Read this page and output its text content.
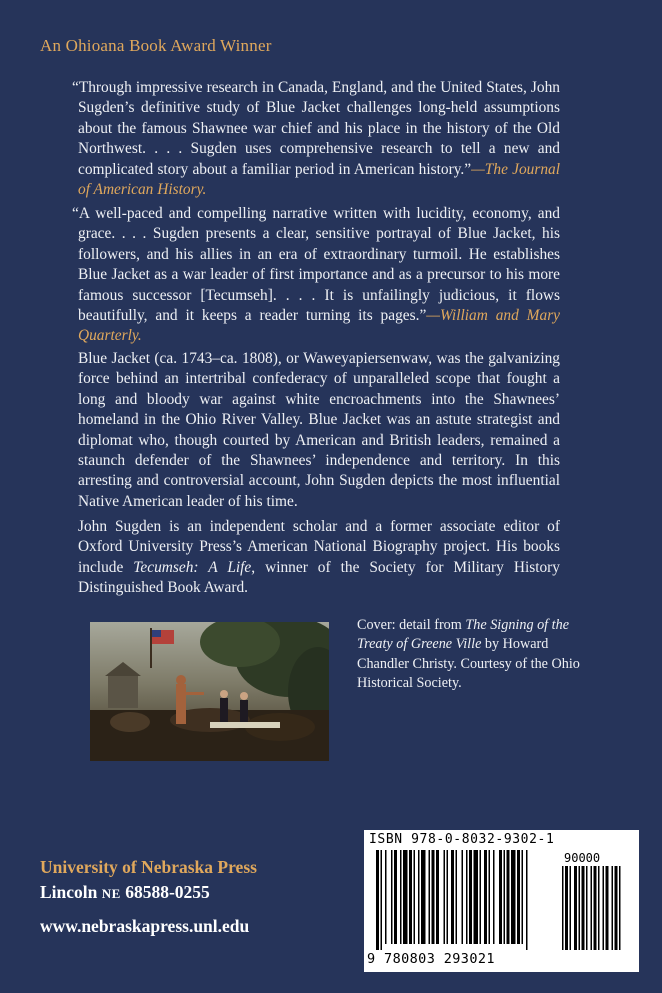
An Ohioana Book Award Winner

“Through impressive research in Canada, England, and the United States, John Sugden’s definitive study of Blue Jacket challenges long-held assumptions about the famous Shawnee war chief and his place in the history of the Old Northwest. . . . Sugden uses comprehensive research to tell a new and complicated story about a familiar period in American history.”—The Journal of American History.

“A well-paced and compelling narrative written with lucidity, economy, and grace. . . . Sugden presents a clear, sensitive portrayal of Blue Jacket, his followers, and his allies in an era of extraordinary turmoil. He establishes Blue Jacket as a war leader of first importance and as a precursor to his more famous successor [Tecumseh]. . . . It is unfailingly judicious, it flows beautifully, and it keeps a reader turning its pages.”—William and Mary Quarterly.

Blue Jacket (ca. 1743–ca. 1808), or Waweyapiersenwaw, was the galvanizing force behind an intertribal confederacy of unparalleled scope that fought a long and bloody war against white encroachments into the Shawnees’ homeland in the Ohio River Valley. Blue Jacket was an astute strategist and diplomat who, though courted by American and British leaders, remained a staunch defender of the Shawnees’ independence and territory. In this arresting and controversial account, John Sugden depicts the most influential Native American leader of his time.

John Sugden is an independent scholar and a former associate editor of Oxford University Press’s American National Biography project. His books include Tecumseh: A Life, winner of the Society for Military History Distinguished Book Award.

Cover: detail from The Signing of the Treaty of Greene Ville by Howard Chandler Christy. Courtesy of the Ohio Historical Society.
ISBN 978-0-8032-9302-1
90000
9 780803 293021
University of Nebraska Press
Lincoln NE 68588-0255
www.nebraskapress.unl.edu
